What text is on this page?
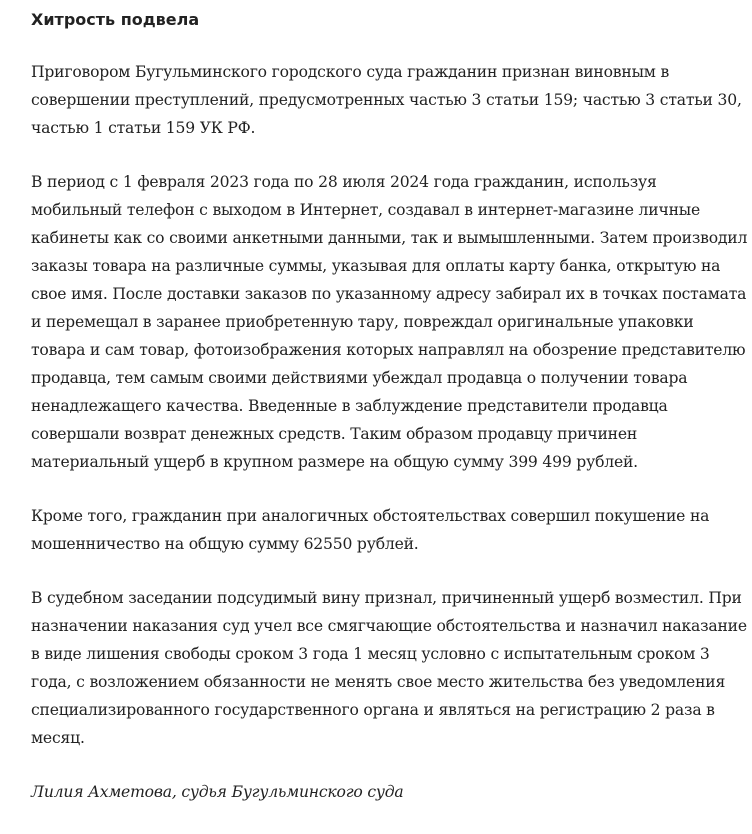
Хитрость подвела

Приговором Бугульминского городского суда гражданин признан виновным в совершении преступлений, предусмотренных частью 3 статьи 159; частью 3 статьи 30, частью 1 статьи 159 УК РФ.

В период с 1 февраля 2023 года по 28 июля 2024 года гражданин, используя мобильный телефон с выходом в Интернет, создавал в интернет-магазине личные кабинеты как со своими анкетными данными, так и вымышленными. Затем производил заказы товара на различные суммы, указывая для оплаты карту банка, открытую на свое имя. После доставки заказов по указанному адресу забирал их в точках постамата и перемещал в заранее приобретенную тару, повреждал оригинальные упаковки товара и сам товар, фотоизображения которых направлял на обозрение представителю продавца, тем самым своими действиями убеждал продавца о получении товара ненадлежащего качества. Введенные в заблуждение представители продавца совершали возврат денежных средств. Таким образом продавцу причинен материальный ущерб в крупном размере на общую сумму 399 499 рублей.

Кроме того, гражданин при аналогичных обстоятельствах совершил покушение на мошенничество на общую сумму 62550 рублей.

В судебном заседании подсудимый вину признал, причиненный ущерб возместил. При назначении наказания суд учел все смягчающие обстоятельства и назначил наказание в виде лишения свободы сроком 3 года 1 месяц условно с испытательным сроком 3 года, с возложением обязанности не менять свое место жительства без уведомления специализированного государственного органа и являться на регистрацию 2 раза в месяц.

Лилия Ахметова, судья Бугульминского суда
